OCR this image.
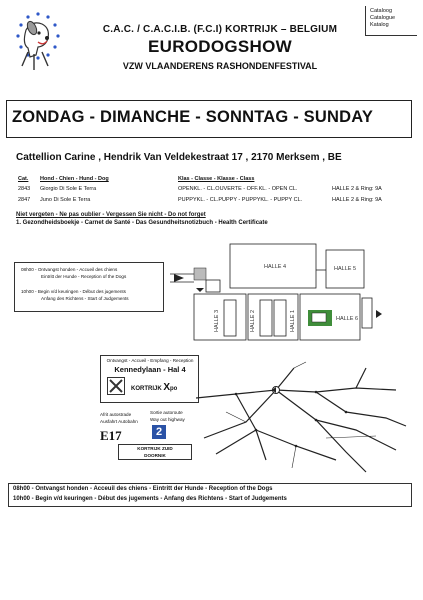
Cataloog
Catalogue
Katalog
C.A.C. / C.A.C.I.B. (F.C.I) KORTRIJK – BELGIUM
EURODOGSHOW
VZW VLAANDERENS RASHONDENFESTIVAL
ZONDAG - DIMANCHE - SONNTAG - SUNDAY
Cattellion Carine , Hendrik Van Veldekestraat 17 , 2170 Merksem , BE
Cat. Hond - Chien - Hund - Dog	Klas - Classe - Klasse - Class
2843 Giorgio Di Sole E Terra	OPENKL. - CL.OUVERTE - OFF.KL. - OPEN CL.	HALLE 2 & Ring: 9A
2847 Juno Di Sole E Terra	PUPPYKL. - CL.PUPPY - PUPPYKL. - PUPPY CL.	HALLE 2 & Ring: 9A
Niet vergeten - Ne pas oublier - Vergessen Sie nicht - Do not forget
1. Gezondheidsboekje - Carnet de Santé - Das Gesundheitsnotizbuch - Health Certificate
08h00 - Ontvangst honden - Accueil des chiens
Eintritt der Hunde - Reception of the Dogs
10h00 - Begin v/d keuringen - Début des jugements
Anfang des Richtens - Start of Judgements
HALLE 4	HALLE 5
HALLE 6
HALLE 3	HALLE 2	HALLE 1
Ontvangst - Accueil - Empfang - Reception
Kennedylaan - Hal 4
KORTRIJK Xpo
Afrit autostrade
Ausfahrt Autobahn
E17
Sortie autoroute
Way out highway
2
KORTRIJK ZUID
DOORNIK
08h00 - Ontvangst honden - Acceuil des chiens - Eintritt der Hunde - Reception of the Dogs
10h00 - Begin v/d keuringen - Début des jugements - Anfang des Richtens - Start of Judgements
